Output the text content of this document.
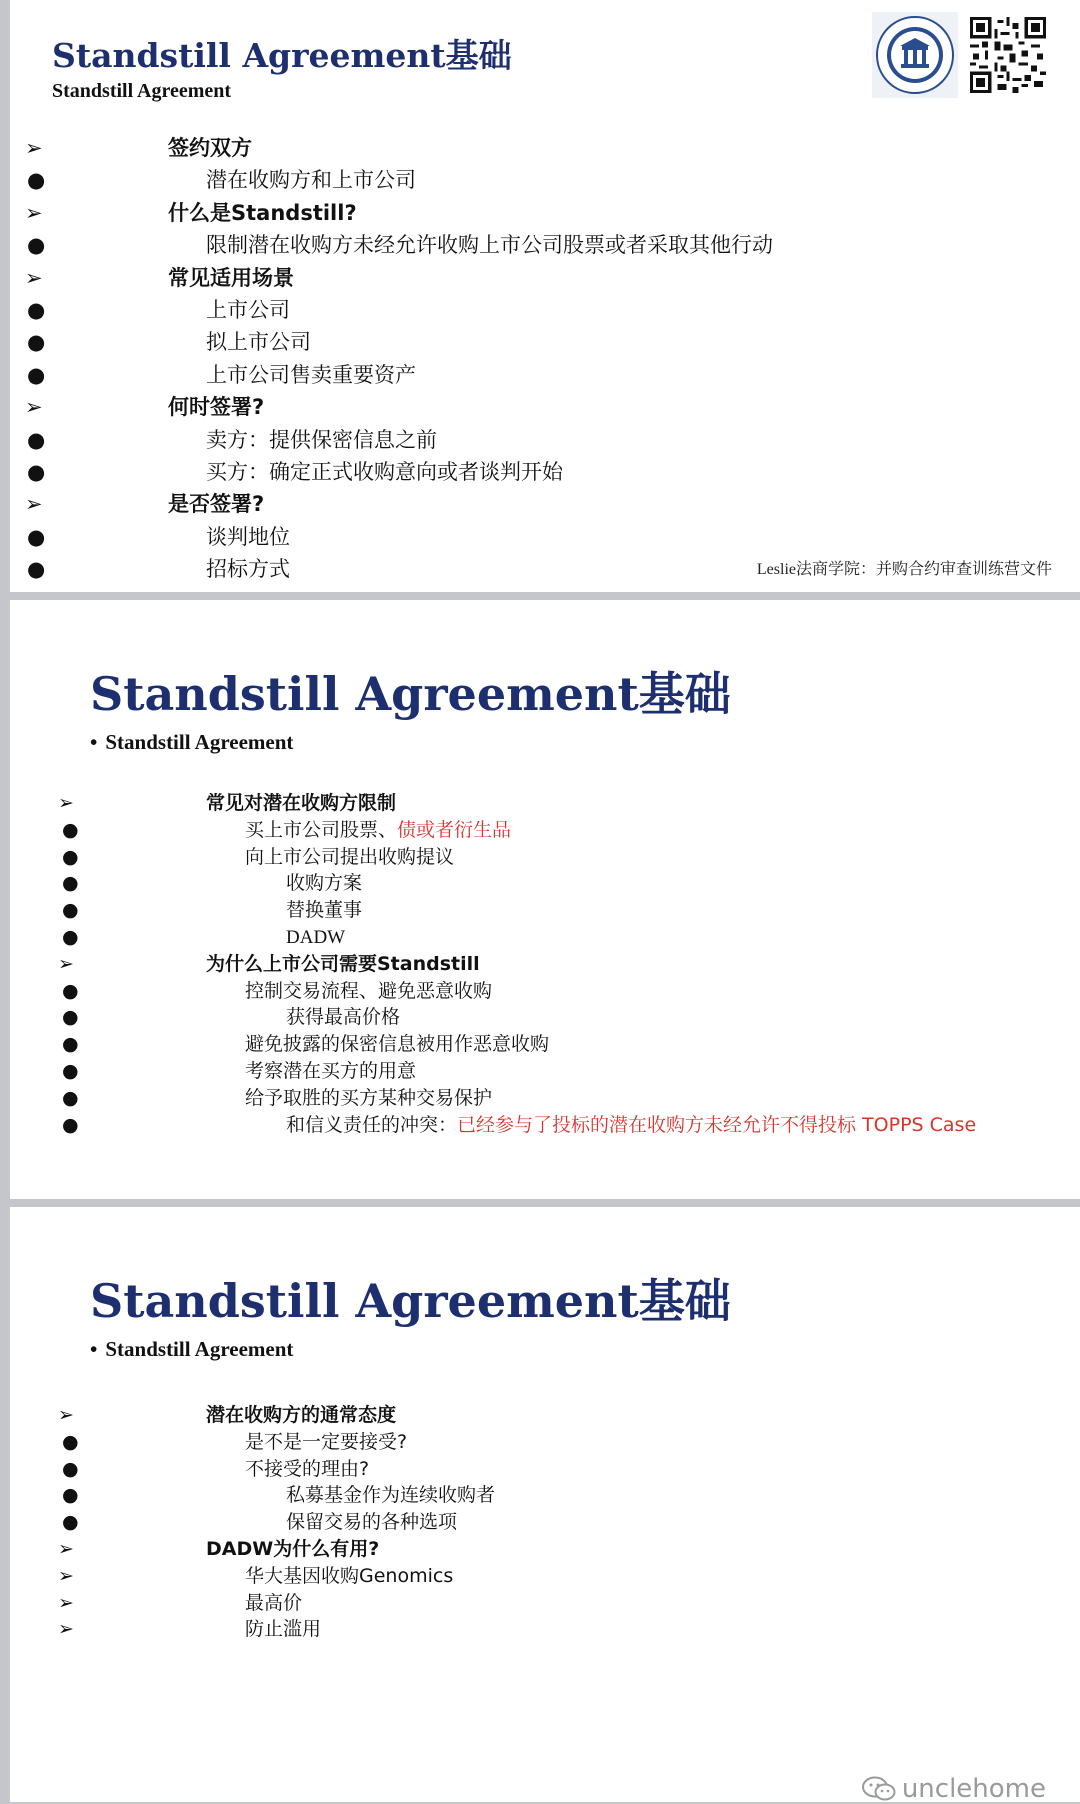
Standstill Agreement基础
Standstill Agreement
➢	签约双方
●	潜在收购方和上市公司
➢	什么是Standstill?
●	限制潜在收购方未经允许收购上市公司股票或者采取其他行动
➢	常见适用场景
●	上市公司
●	拟上市公司
●	上市公司售卖重要资产
➢	何时签署?
●	卖方：提供保密信息之前
●	买方：确定正式收购意向或者谈判开始
➢	是否签署?
●	谈判地位
●	招标方式	Leslie法商学院：并购合约审查训练营文件
Standstill Agreement基础
• Standstill Agreement
➢	常见对潜在收购方限制
●	买上市公司股票、债或者衍生品
●	向上市公司提出收购提议
●	收购方案
●	替换董事
●	DADW
➢	为什么上市公司需要Standstill
●	控制交易流程、避免恶意收购
●	获得最高价格
●	避免披露的保密信息被用作恶意收购
●	考察潜在买方的用意
●	给予取胜的买方某种交易保护
●	和信义责任的冲突：已经参与了投标的潜在收购方未经允许不得投标 TOPPS Case
Standstill Agreement基础
• Standstill Agreement
➢	潜在收购方的通常态度
●	是不是一定要接受?
●	不接受的理由?
●	私募基金作为连续收购者
●	保留交易的各种选项
➢	DADW为什么有用?
➢	华大基因收购Genomics
➢	最高价
➢	防止滥用
unclehome
